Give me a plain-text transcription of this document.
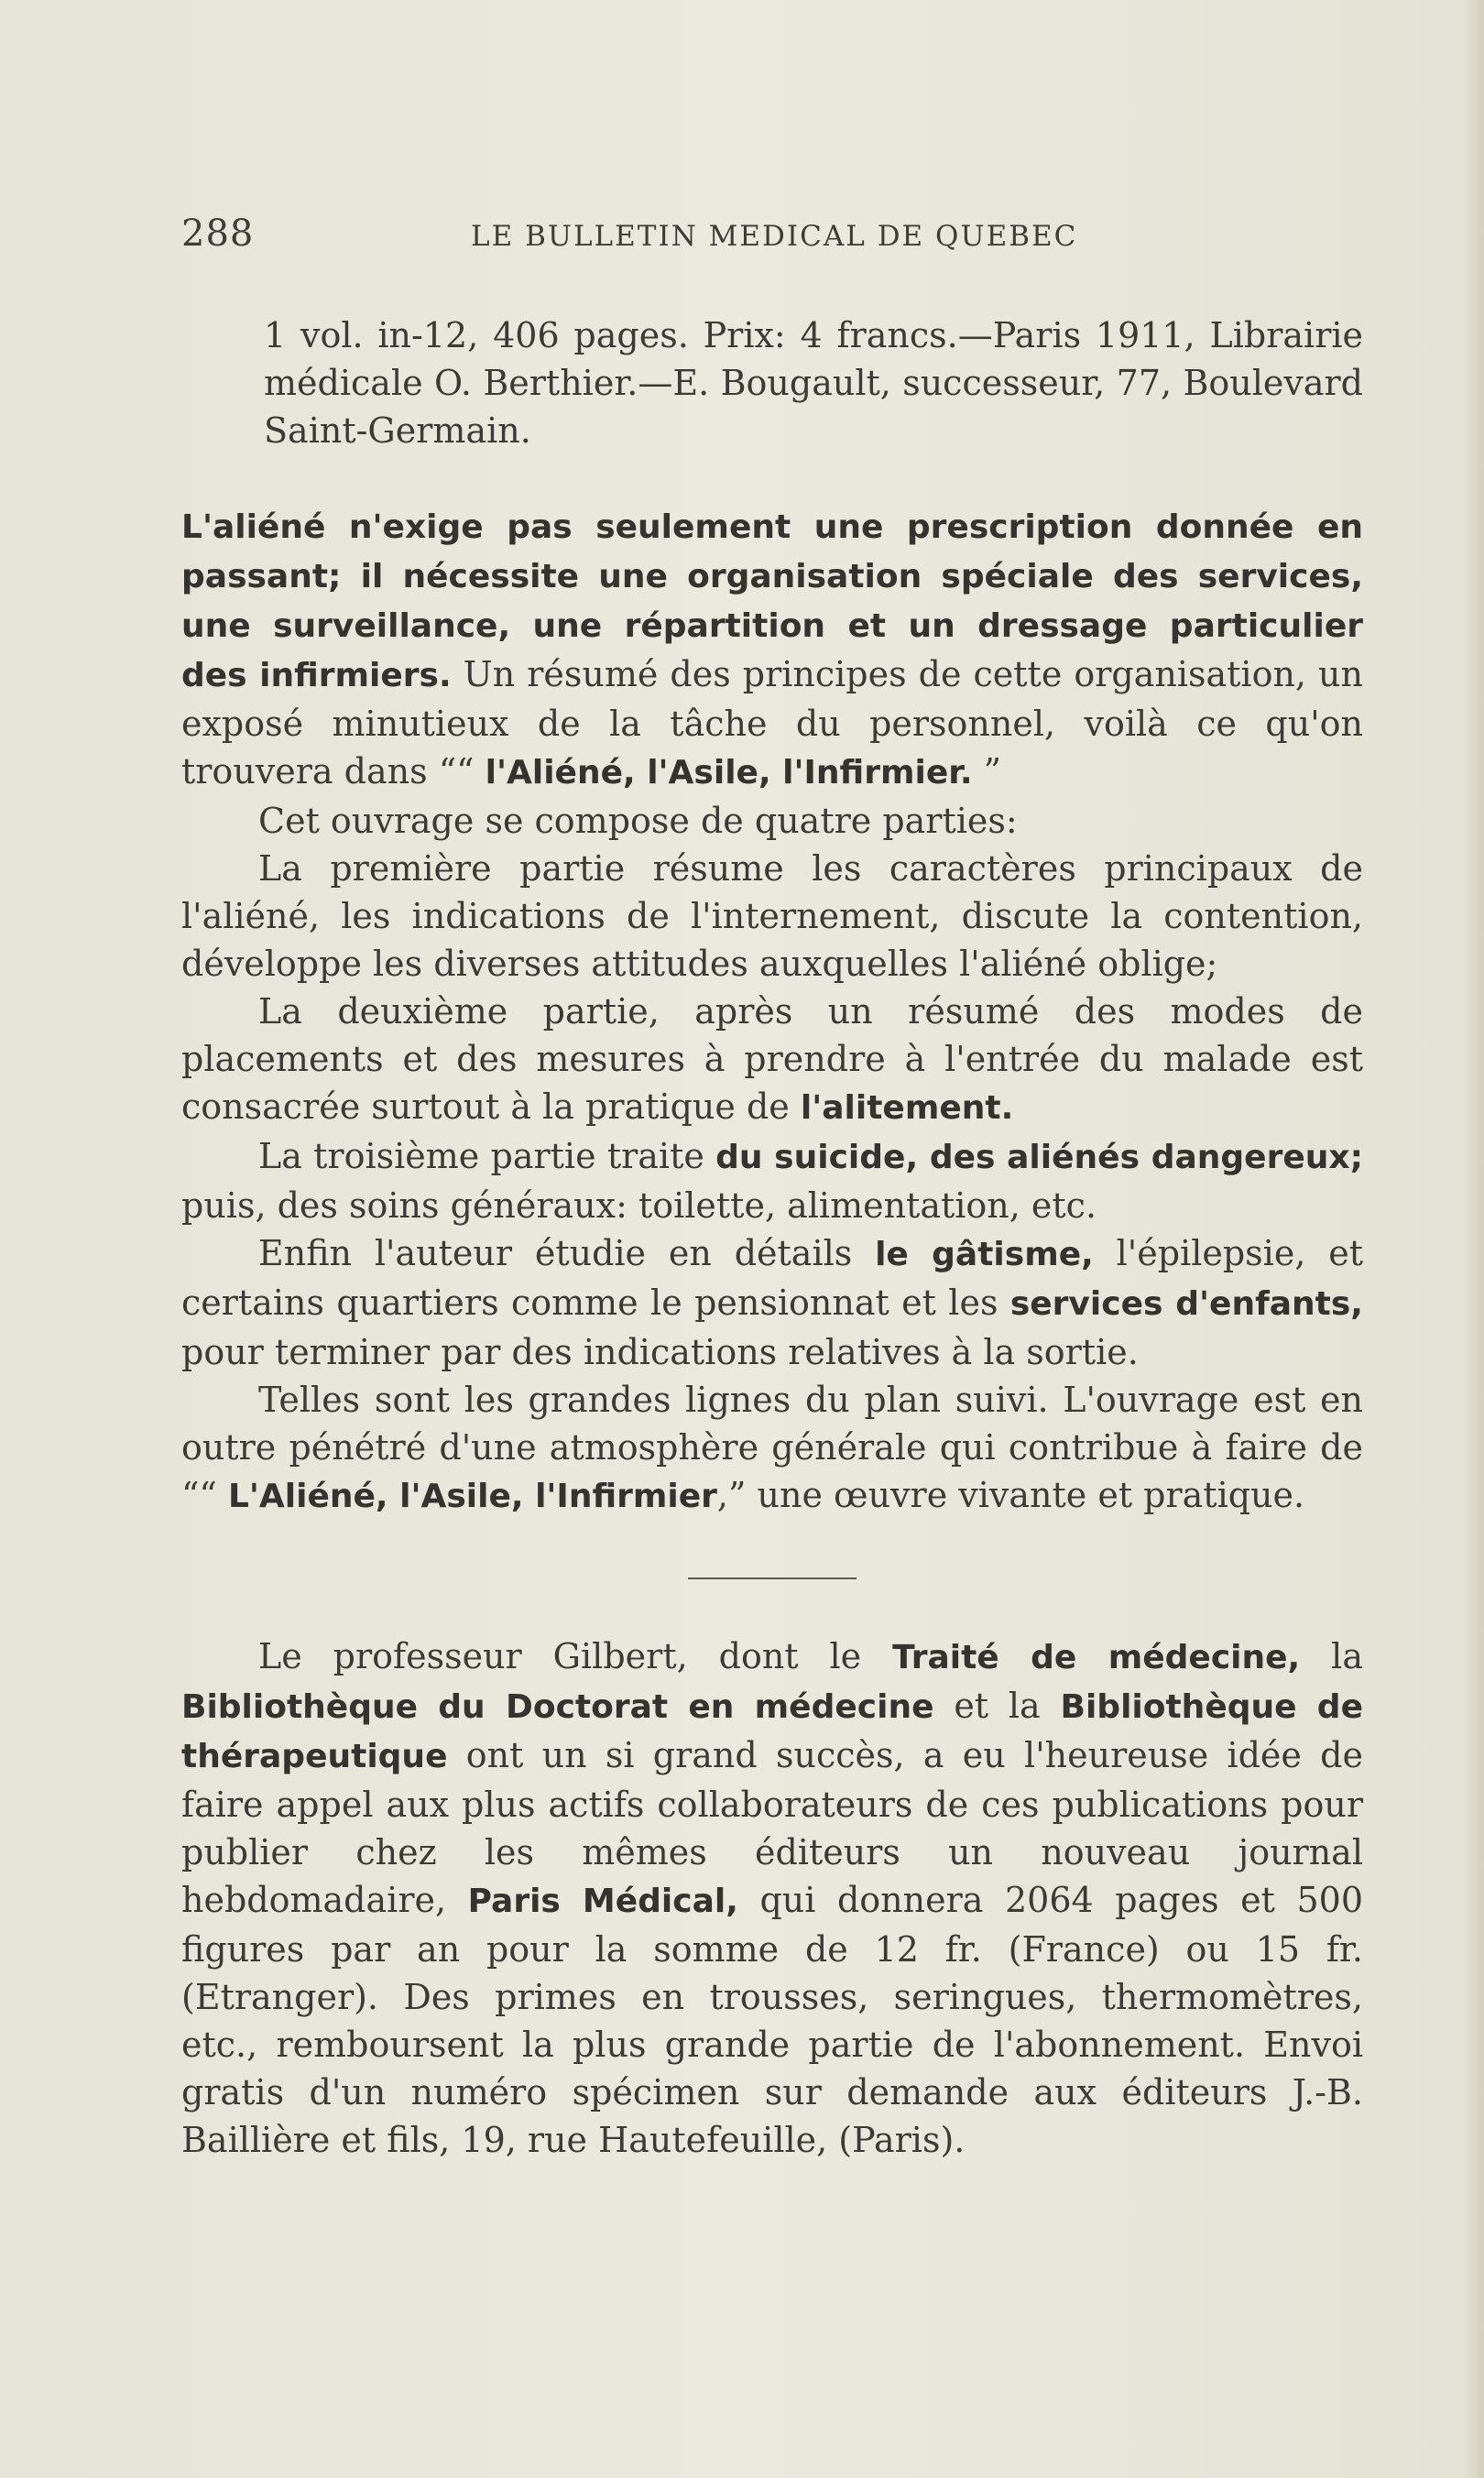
288	LE BULLETIN MEDICAL DE QUEBEC

1 vol. in-12, 406 pages. Prix: 4 francs.—Paris 1911, Librairie médicale O. Berthier.—E. Bougault, successeur, 77, Boulevard Saint-Germain.

L'aliéné n'exige pas seulement une prescription donnée en passant; il nécessite une organisation spéciale des services, une surveillance, une répartition et un dressage particulier des infirmiers. Un résumé des principes de cette organisation, un exposé minutieux de la tâche du personnel, voilà ce qu'on trouvera dans ““ l'Aliéné, l'Asile, l'Infirmier. ”

Cet ouvrage se compose de quatre parties:

La première partie résume les caractères principaux de l'aliéné, les indications de l'internement, discute la contention, développe les diverses attitudes auxquelles l'aliéné oblige;

La deuxième partie, après un résumé des modes de placements et des mesures à prendre à l'entrée du malade est consacrée surtout à la pratique de l'alitement.

La troisième partie traite du suicide, des aliénés dangereux; puis, des soins généraux: toilette, alimentation, etc.

Enfin l'auteur étudie en détails le gâtisme, l'épilepsie, et certains quartiers comme le pensionnat et les services d'enfants, pour terminer par des indications relatives à la sortie.

Telles sont les grandes lignes du plan suivi. L'ouvrage est en outre pénétré d'une atmosphère générale qui contribue à faire de ““ L'Aliéné, l'Asile, l'Infirmier,” une œuvre vivante et pratique.

Le professeur Gilbert, dont le Traité de médecine, la Bibliothèque du Doctorat en médecine et la Bibliothèque de thérapeutique ont un si grand succès, a eu l'heureuse idée de faire appel aux plus actifs collaborateurs de ces publications pour publier chez les mêmes éditeurs un nouveau journal hebdomadaire, Paris Médical, qui donnera 2064 pages et 500 figures par an pour la somme de 12 fr. (France) ou 15 fr. (Etranger). Des primes en trousses, seringues, thermomètres, etc., remboursent la plus grande partie de l'abonnement. Envoi gratis d'un numéro spécimen sur demande aux éditeurs J.-B. Baillière et fils, 19, rue Hautefeuille, (Paris).
